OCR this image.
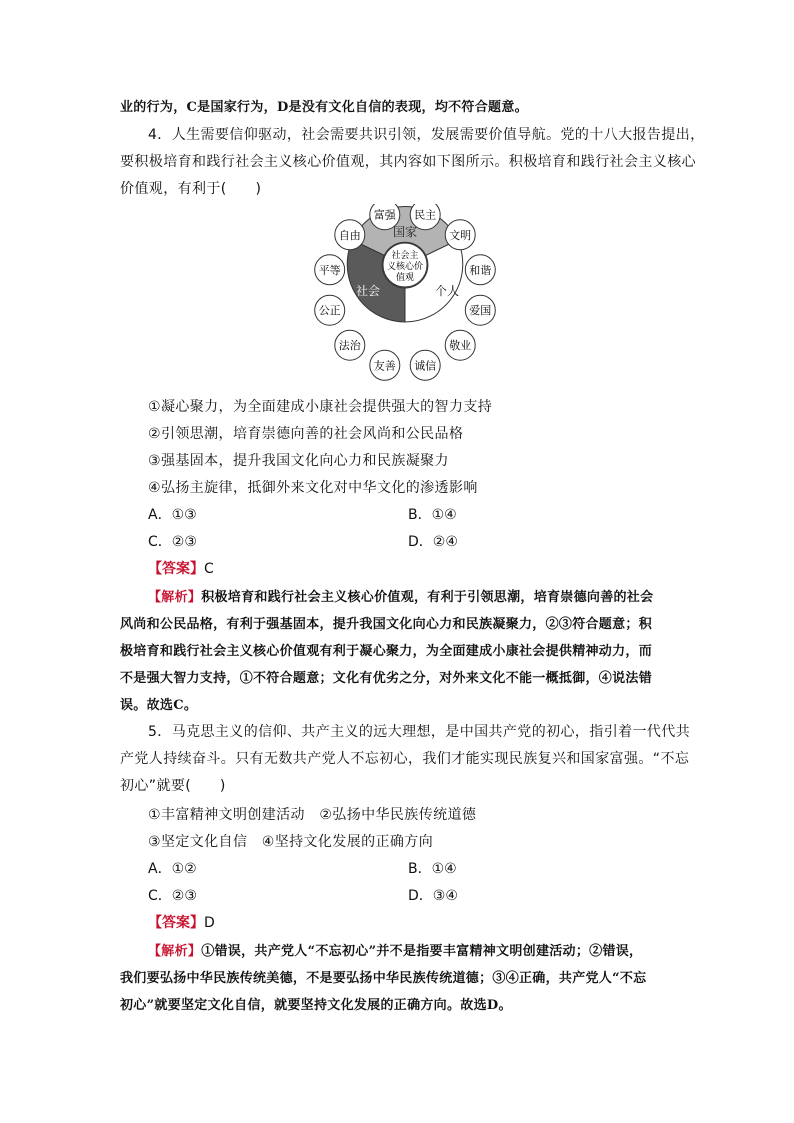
业的行为，C是国家行为，D是没有文化自信的表现，均不符合题意。
4．人生需要信仰驱动，社会需要共识引领，发展需要价值导航。党的十八大报告提出，
要积极培育和践行社会主义核心价值观，其内容如下图所示。积极培育和践行社会主义核心
价值观，有利于(　　)
社会主
义核心价
值观
国家
社会	个人
民主
文明
和谐
爱国
敬业
诚信
友善
法治
公正
平等
自由
富强
①凝心聚力，为全面建成小康社会提供强大的智力支持
②引领思潮，培育崇德向善的社会风尚和公民品格
③强基固本，提升我国文化向心力和民族凝聚力
④弘扬主旋律，抵御外来文化对中华文化的渗透影响
A．①③	B．①④
C．②③	D．②④
【答案】C
【解析】积极培育和践行社会主义核心价值观，有利于引领思潮，培育崇德向善的社会
风尚和公民品格，有利于强基固本，提升我国文化向心力和民族凝聚力，②③符合题意；积
极培育和践行社会主义核心价值观有利于凝心聚力，为全面建成小康社会提供精神动力，而
不是强大智力支持，①不符合题意；文化有优劣之分，对外来文化不能一概抵御，④说法错
误。故选C。
5．马克思主义的信仰、共产主义的远大理想，是中国共产党的初心，指引着一代代共
产党人持续奋斗。只有无数共产党人不忘初心，我们才能实现民族复兴和国家富强。“不忘
初心”就要(　　)
①丰富精神文明创建活动　②弘扬中华民族传统道德
③坚定文化自信　④坚持文化发展的正确方向
A．①②	B．①④
C．②③	D．③④
【答案】D
【解析】①错误，共产党人“不忘初心”并不是指要丰富精神文明创建活动；②错误，
我们要弘扬中华民族传统美德，不是要弘扬中华民族传统道德；③④正确，共产党人“不忘
初心”就要坚定文化自信，就要坚持文化发展的正确方向。故选D。
